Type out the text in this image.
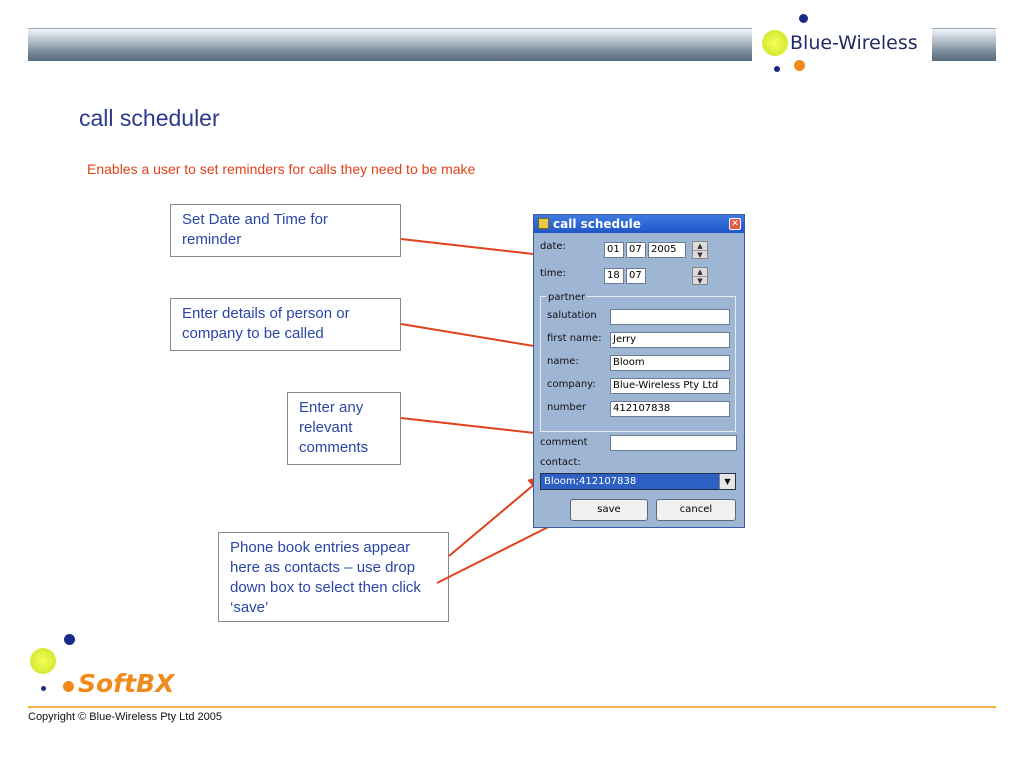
Blue-Wireless
call scheduler
Enables a user to set reminders for calls they need to be make
Set Date and Time for reminder
Enter details of person or company to be called
Enter any relevant comments
Phone book entries appear here as contacts – use drop down box to select then click ‘save’
call schedule	✕
date:	01 07 2005	▲
▼
time:	18 07	▲
▼
partner
salutation
first name:	Jerry
name:	Bloom
company:	Blue-Wireless Pty Ltd
number	412107838
comment
contact:
Bloom;412107838	▼
save	cancel
SoftBX
Copyright © Blue-Wireless Pty Ltd 2005
